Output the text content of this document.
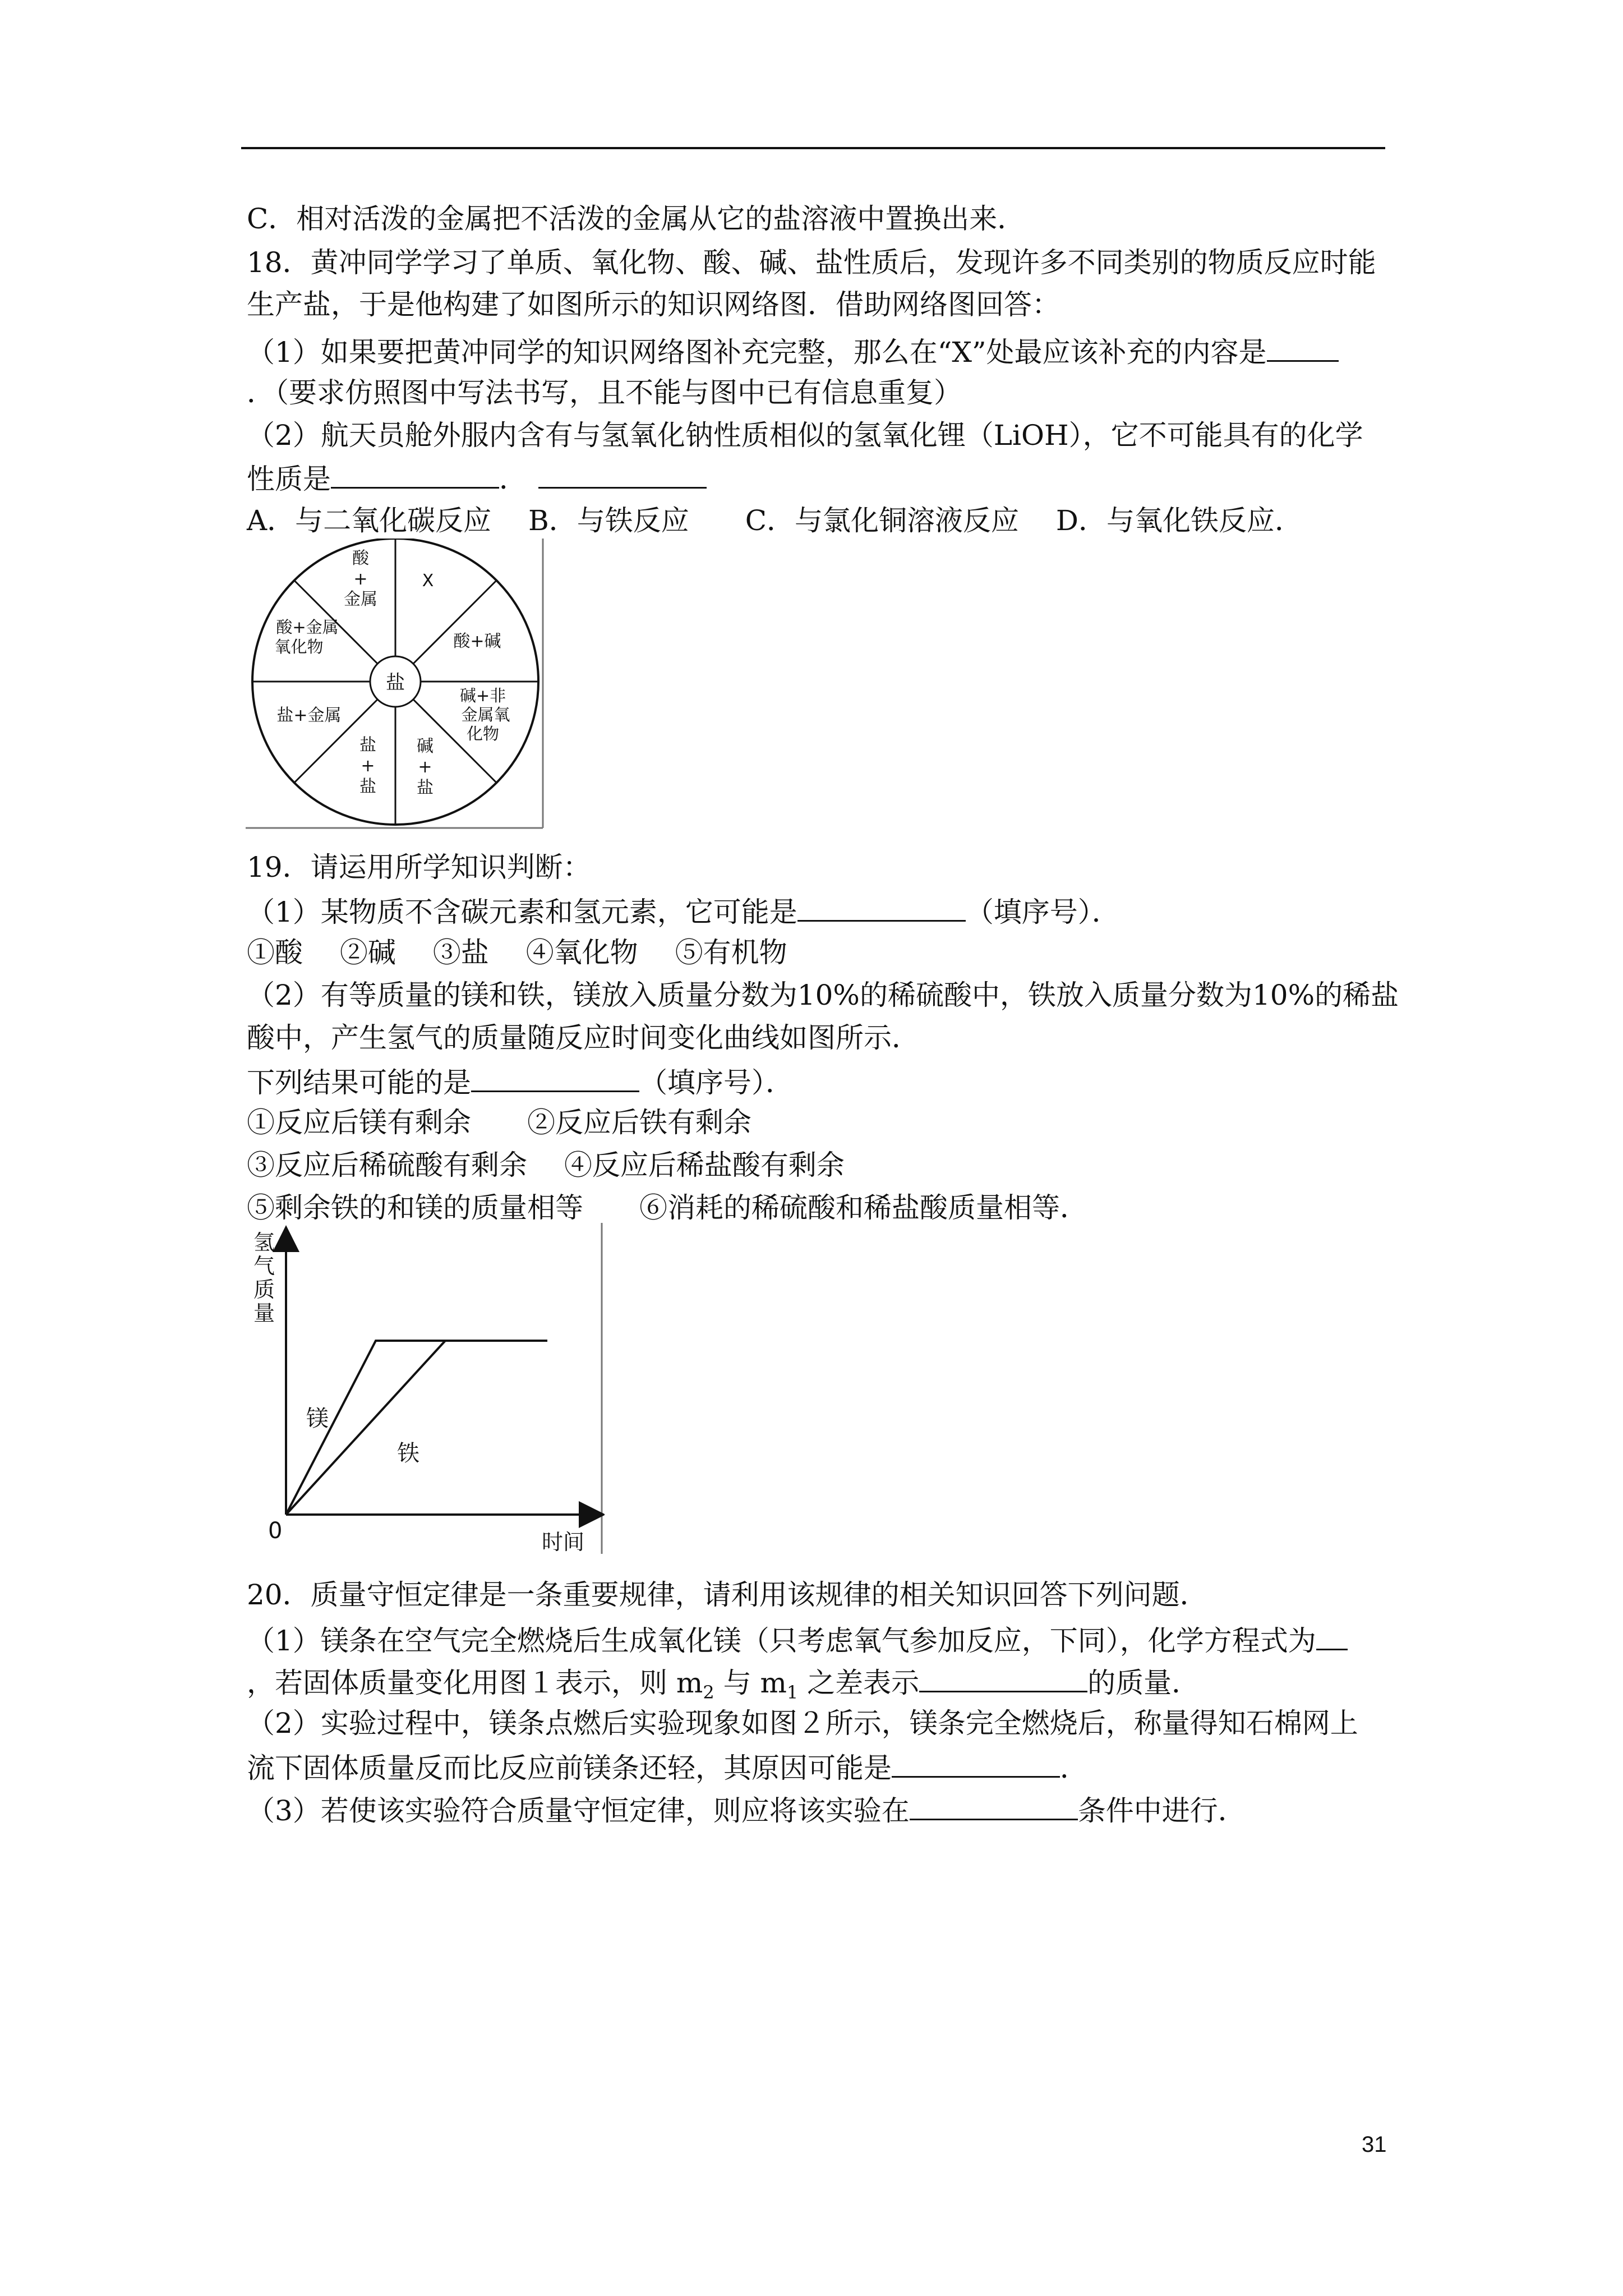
C．相对活泼的金属把不活泼的金属从它的盐溶液中置换出来．
18．黄冲同学学习了单质、氧化物、酸、碱、盐性质后，发现许多不同类别的物质反应时能
生产盐，于是他构建了如图所示的知识网络图．借助网络图回答：
（1）如果要把黄冲同学的知识网络图补充完整，那么在“X”处最应该补充的内容是
．（要求仿照图中写法书写，且不能与图中已有信息重复）
（2）航天员舱外服内含有与氢氧化钠性质相似的氢氧化锂（LiOH），它不可能具有的化学
性质是	．
A．与二氧化碳反应　 B．与铁反应　　C．与氯化铜溶液反应　 D．与氧化铁反应．
盐
酸
+
金属
X
酸+碱
酸+金属
氧化物
碱+非
金属氧
化物
盐+金属
盐
+
盐
碱
+
盐
19．请运用所学知识判断：
（1）某物质不含碳元素和氢元素，它可能是	（填序号）．
①酸　 ②碱　 ③盐　 ④氧化物　 ⑤有机物
（2）有等质量的镁和铁，镁放入质量分数为10%的稀硫酸中，铁放入质量分数为10%的稀盐
酸中，产生氢气的质量随反应时间变化曲线如图所示．
下列结果可能的是	（填序号）．
①反应后镁有剩余　　②反应后铁有剩余
③反应后稀硫酸有剩余　 ④反应后稀盐酸有剩余
⑤剩余铁的和镁的质量相等　　⑥消耗的稀硫酸和稀盐酸质量相等．
氢
气
质
量
0	时间
镁
铁
20．质量守恒定律是一条重要规律，请利用该规律的相关知识回答下列问题．
（1）镁条在空气完全燃烧后生成氧化镁（只考虑氧气参加反应，下同），化学方程式为
，若固体质量变化用图１表示，则 $m_2$ 与 $m_1$ 之差表示	的质量．
（2）实验过程中，镁条点燃后实验现象如图２所示，镁条完全燃烧后，称量得知石棉网上
流下固体质量反而比反应前镁条还轻，其原因可能是	．
（3）若使该实验符合质量守恒定律，则应将该实验在	条件中进行．
31
